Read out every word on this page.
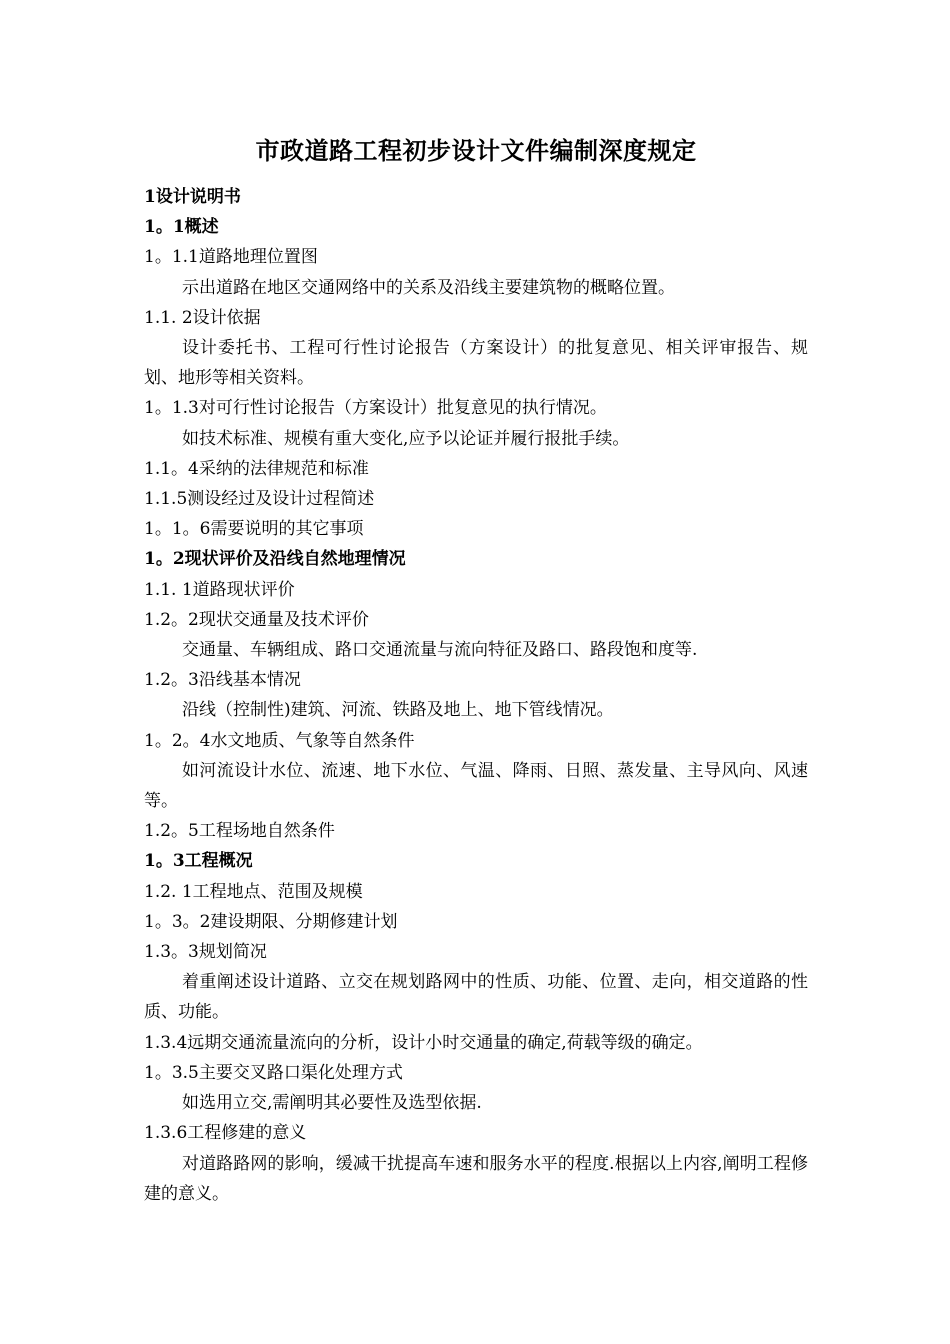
市政道路工程初步设计文件编制深度规定
1设计说明书
1。1概述
1。1.1道路地理位置图
示出道路在地区交通网络中的关系及沿线主要建筑物的概略位置。
1.1. 2设计依据
设计委托书、工程可行性讨论报告（方案设计）的批复意见、相关评审报告、规划、地形等相关资料。
1。1.3对可行性讨论报告（方案设计）批复意见的执行情况。
如技术标准、规模有重大变化,应予以论证并履行报批手续。
1.1。4采纳的法律规范和标准
1.1.5测设经过及设计过程简述
1。1。6需要说明的其它事项
1。2现状评价及沿线自然地理情况
1.1. 1道路现状评价
1.2。2现状交通量及技术评价
交通量、车辆组成、路口交通流量与流向特征及路口、路段饱和度等.
1.2。3沿线基本情况
沿线（控制性)建筑、河流、铁路及地上、地下管线情况。
1。2。4水文地质、气象等自然条件
如河流设计水位、流速、地下水位、气温、降雨、日照、蒸发量、主导风向、风速等。
1.2。5工程场地自然条件
1。3工程概况
1.2. 1工程地点、范围及规模
1。3。2建设期限、分期修建计划
1.3。3规划简况
着重阐述设计道路、立交在规划路网中的性质、功能、位置、走向，相交道路的性质、功能。
1.3.4远期交通流量流向的分析，设计小时交通量的确定,荷载等级的确定。
1。3.5主要交叉路口渠化处理方式
如选用立交,需阐明其必要性及选型依据.
1.3.6工程修建的意义
对道路路网的影响，缓减干扰提高车速和服务水平的程度.根据以上内容,阐明工程修建的意义。
